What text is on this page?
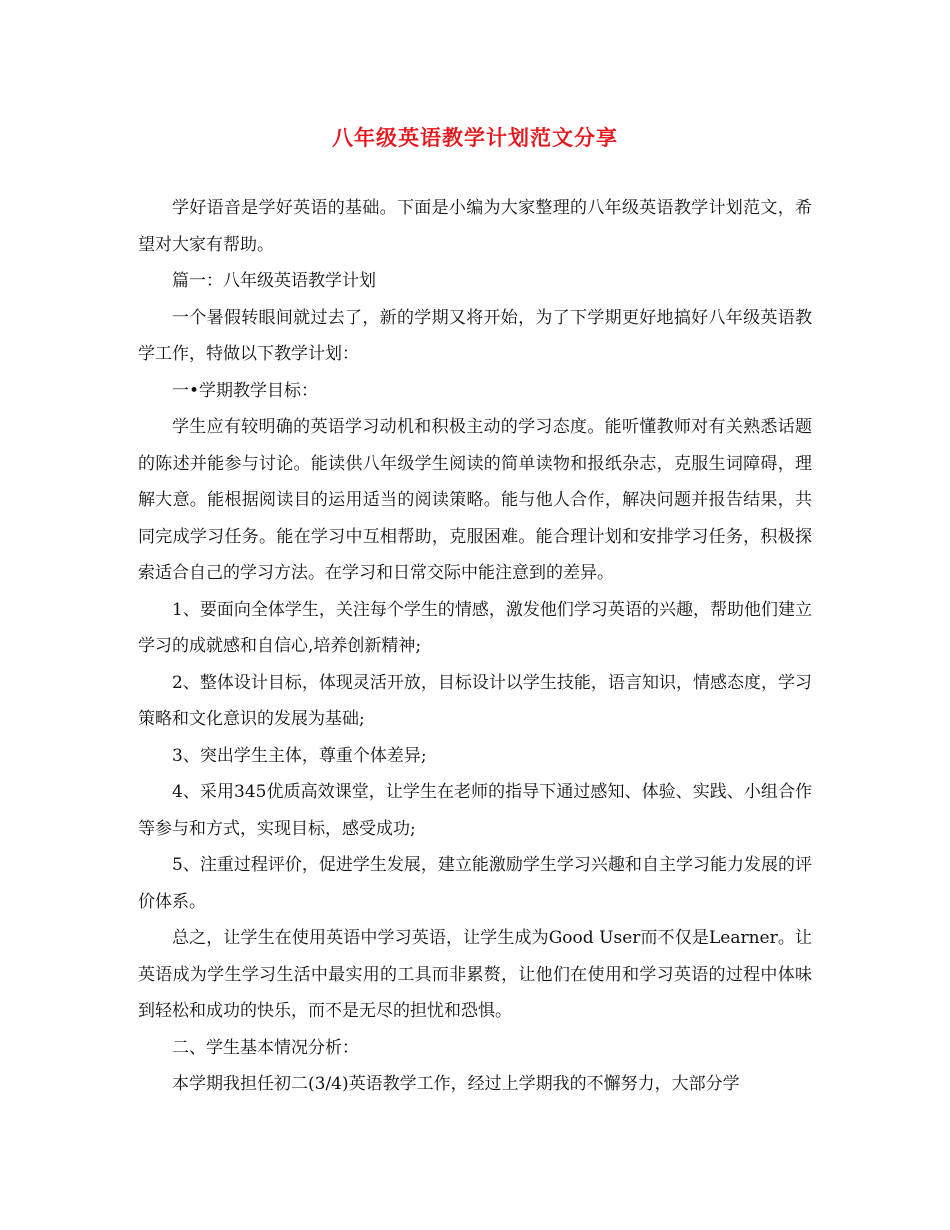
八年级英语教学计划范文分享

学好语音是学好英语的基础。下面是小编为大家整理的八年级英语教学计划范文，希望对大家有帮助。

篇一：八年级英语教学计划

一个暑假转眼间就过去了，新的学期又将开始，为了下学期更好地搞好八年级英语教学工作，特做以下教学计划：

一•学期教学目标：

学生应有较明确的英语学习动机和积极主动的学习态度。能听懂教师对有关熟悉话题的陈述并能参与讨论。能读供八年级学生阅读的简单读物和报纸杂志，克服生词障碍，理解大意。能根据阅读目的运用适当的阅读策略。能与他人合作，解决问题并报告结果，共同完成学习任务。能在学习中互相帮助，克服困难。能合理计划和安排学习任务，积极探索适合自己的学习方法。在学习和日常交际中能注意到的差异。

1、要面向全体学生，关注每个学生的情感，激发他们学习英语的兴趣，帮助他们建立学习的成就感和自信心,培养创新精神;

2、整体设计目标，体现灵活开放，目标设计以学生技能，语言知识，情感态度，学习策略和文化意识的发展为基础;

3、突出学生主体，尊重个体差异;

4、采用345优质高效课堂，让学生在老师的指导下通过感知、体验、实践、小组合作等参与和方式，实现目标，感受成功;

5、注重过程评价，促进学生发展，建立能激励学生学习兴趣和自主学习能力发展的评价体系。

总之，让学生在使用英语中学习英语，让学生成为Good User而不仅是Learner。让英语成为学生学习生活中最实用的工具而非累赘，让他们在使用和学习英语的过程中体味到轻松和成功的快乐，而不是无尽的担忧和恐惧。

二、学生基本情况分析：

本学期我担任初二(3/4)英语教学工作，经过上学期我的不懈努力，大部分学
